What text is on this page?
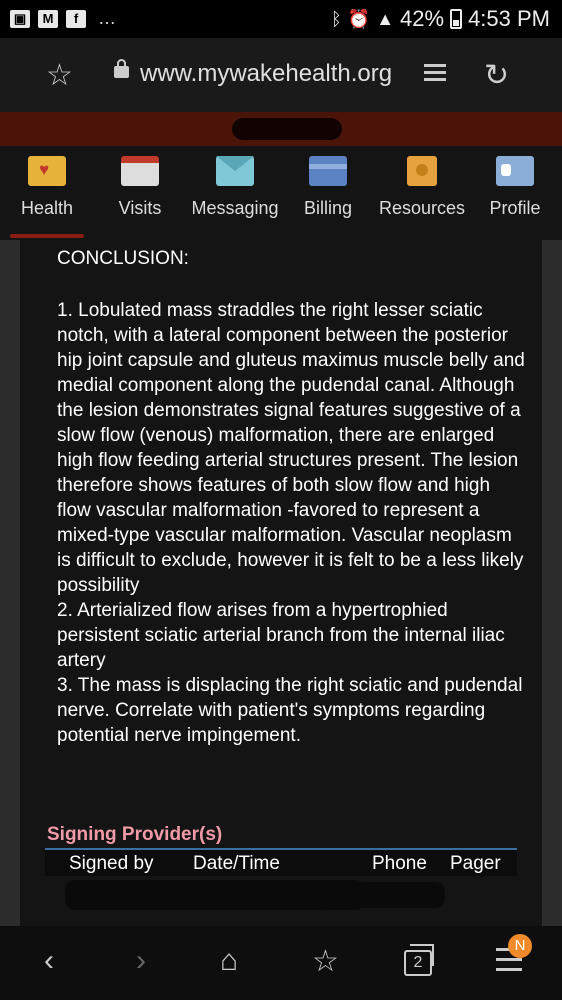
▣	M	f	…	ᛒ ⏰ ▲ 42% 4:53 PM
☆	www.mywakehealth.org	↻
♥
Health	Visits	Messaging	Billing	Resources	Profile
CONCLUSION:

1. Lobulated mass straddles the right lesser sciatic notch, with a lateral component between the posterior hip joint capsule and gluteus maximus muscle belly and medial component along the pudendal canal. Although the lesion demonstrates signal features suggestive of a slow flow (venous) malformation, there are enlarged high flow feeding arterial structures present. The lesion therefore shows features of both slow flow and high flow vascular malformation -favored to represent a mixed-type vascular malformation. Vascular neoplasm is difficult to exclude, however it is felt to be a less likely possibility

2. Arterialized flow arises from a hypertrophied persistent sciatic arterial branch from the internal iliac artery

3. The mass is displacing the right sciatic and pudendal nerve. Correlate with patient's symptoms regarding potential nerve impingement.

Signing Provider(s)
Signed by Date/Time	Phone Pager
‹	› ⌂ ☆	2
N
